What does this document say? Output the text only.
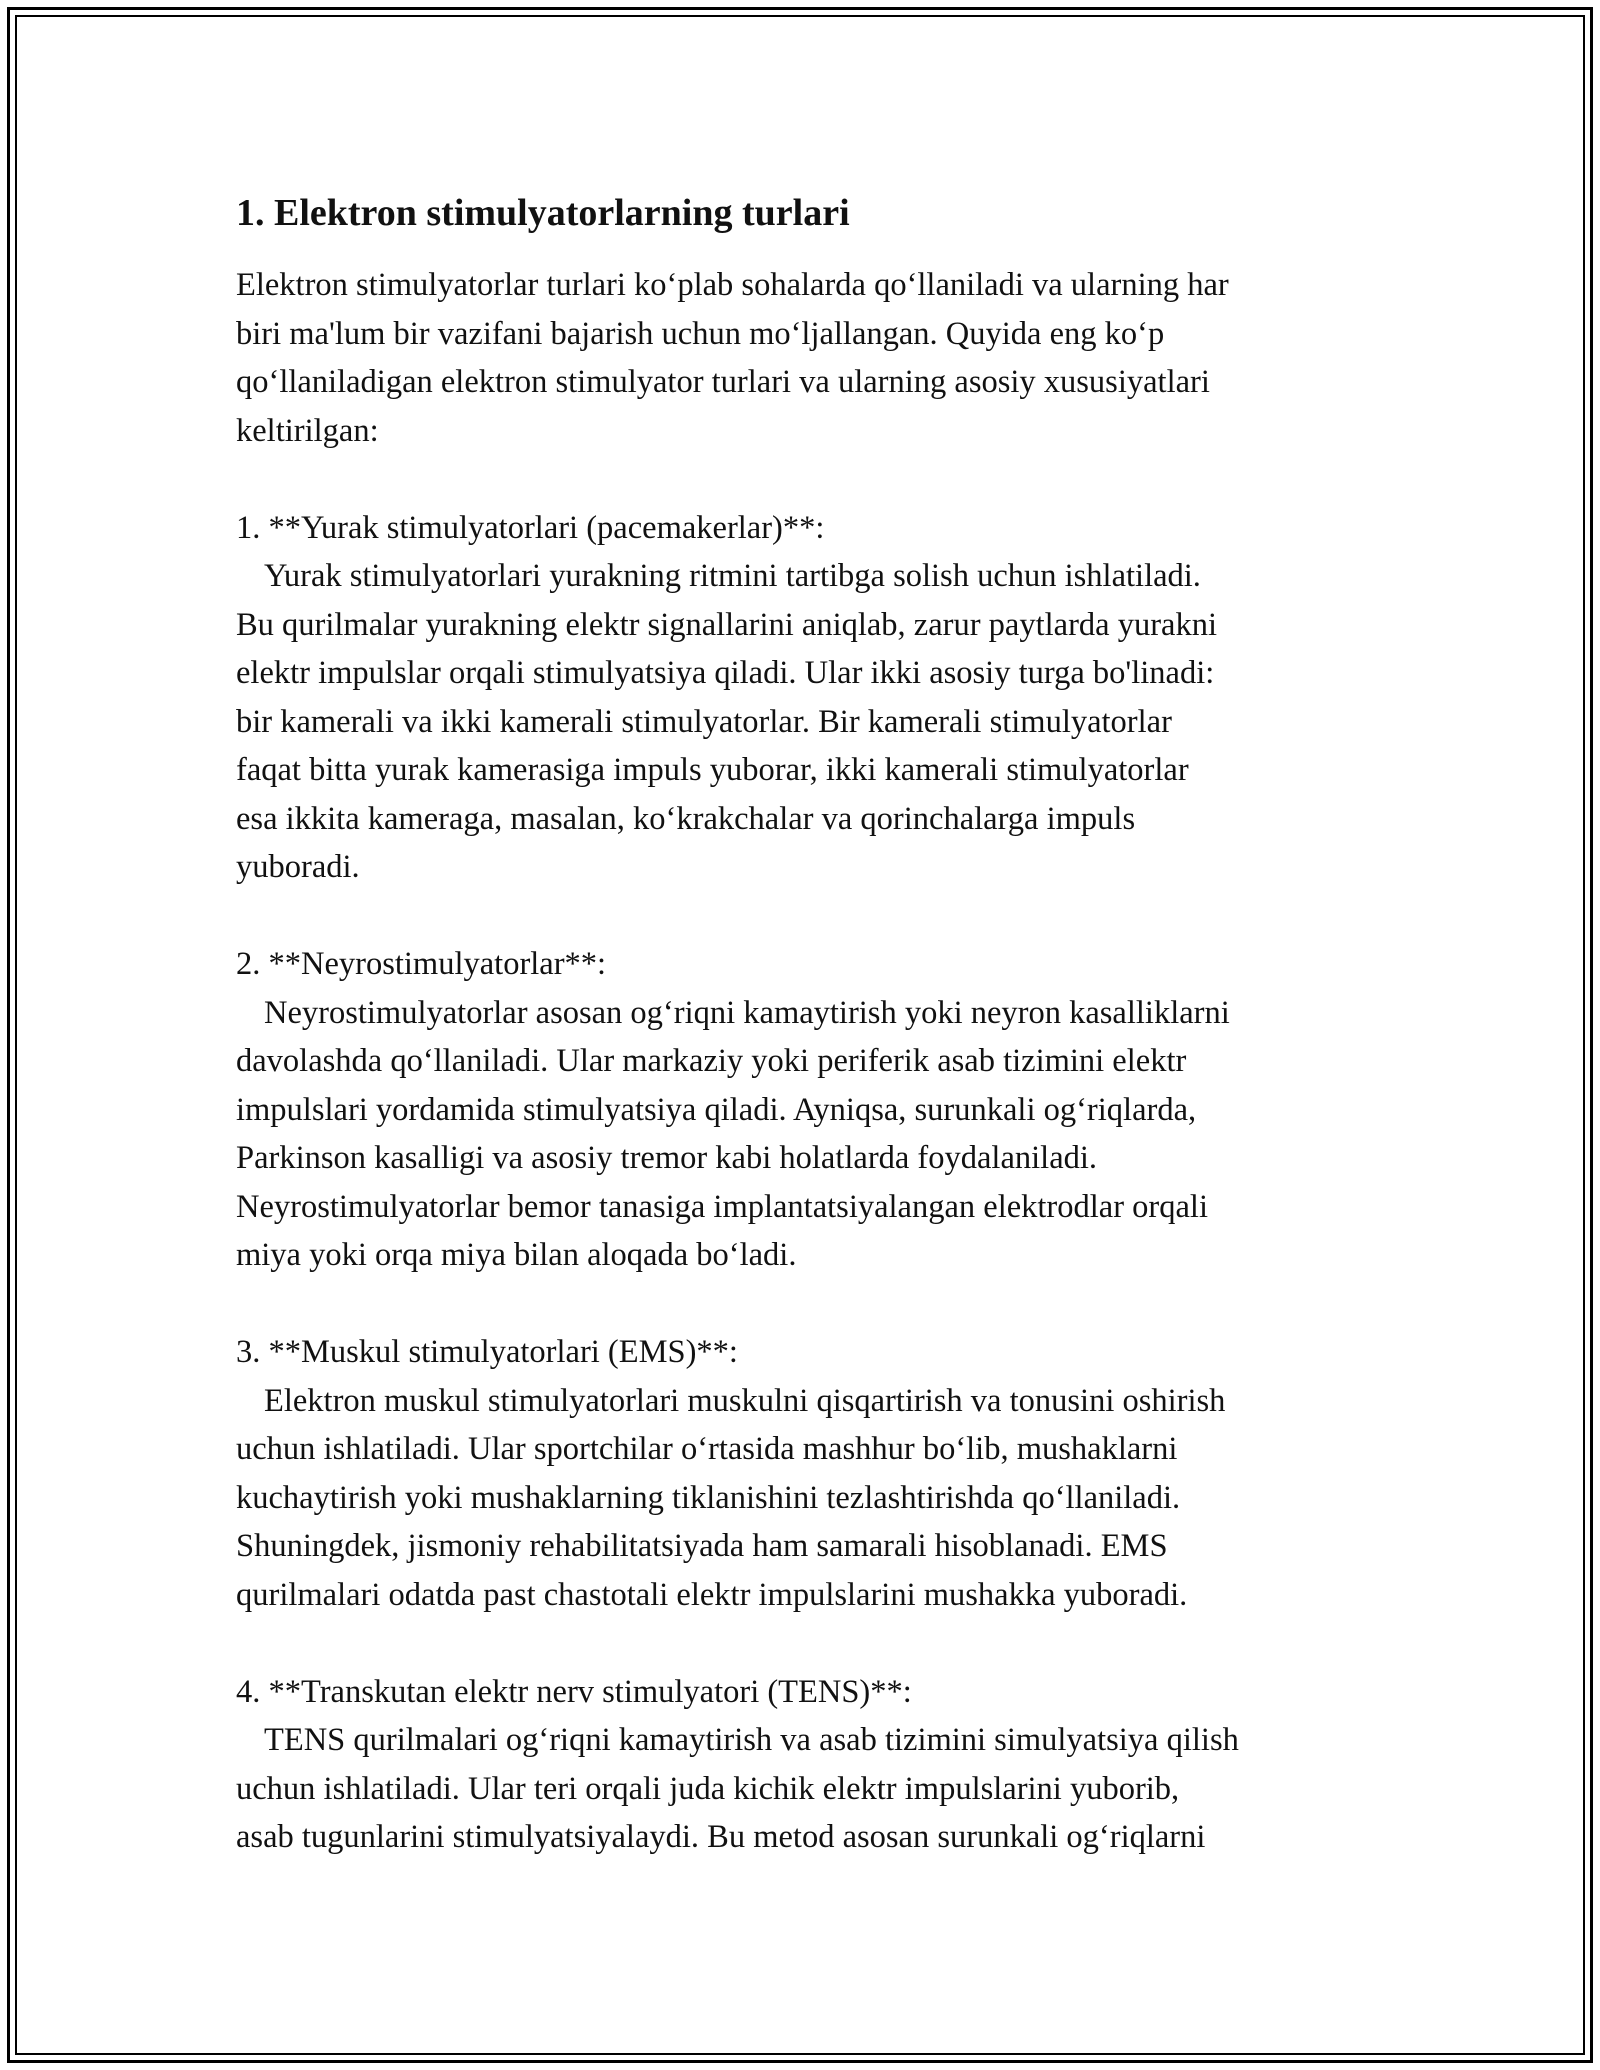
1. Elektron stimulyatorlarning turlari
Elektron stimulyatorlar turlari ko‘plab sohalarda qo‘llaniladi va ularning har
biri ma'lum bir vazifani bajarish uchun mo‘ljallangan. Quyida eng ko‘p
qo‘llaniladigan elektron stimulyator turlari va ularning asosiy xususiyatlari
keltirilgan:
1. **Yurak stimulyatorlari (pacemakerlar)**:
Yurak stimulyatorlari yurakning ritmini tartibga solish uchun ishlatiladi.
Bu qurilmalar yurakning elektr signallarini aniqlab, zarur paytlarda yurakni
elektr impulslar orqali stimulyatsiya qiladi. Ular ikki asosiy turga bo'linadi:
bir kamerali va ikki kamerali stimulyatorlar. Bir kamerali stimulyatorlar
faqat bitta yurak kamerasiga impuls yuborar, ikki kamerali stimulyatorlar
esa ikkita kameraga, masalan, ko‘krakchalar va qorinchalarga impuls
yuboradi.
2. **Neyrostimulyatorlar**:
Neyrostimulyatorlar asosan og‘riqni kamaytirish yoki neyron kasalliklarni
davolashda qo‘llaniladi. Ular markaziy yoki periferik asab tizimini elektr
impulslari yordamida stimulyatsiya qiladi. Ayniqsa, surunkali og‘riqlarda,
Parkinson kasalligi va asosiy tremor kabi holatlarda foydalaniladi.
Neyrostimulyatorlar bemor tanasiga implantatsiyalangan elektrodlar orqali
miya yoki orqa miya bilan aloqada bo‘ladi.
3. **Muskul stimulyatorlari (EMS)**:
Elektron muskul stimulyatorlari muskulni qisqartirish va tonusini oshirish
uchun ishlatiladi. Ular sportchilar o‘rtasida mashhur bo‘lib, mushaklarni
kuchaytirish yoki mushaklarning tiklanishini tezlashtirishda qo‘llaniladi.
Shuningdek, jismoniy rehabilitatsiyada ham samarali hisoblanadi. EMS
qurilmalari odatda past chastotali elektr impulslarini mushakka yuboradi.
4. **Transkutan elektr nerv stimulyatori (TENS)**:
TENS qurilmalari og‘riqni kamaytirish va asab tizimini simulyatsiya qilish
uchun ishlatiladi. Ular teri orqali juda kichik elektr impulslarini yuborib,
asab tugunlarini stimulyatsiyalaydi. Bu metod asosan surunkali og‘riqlarni
